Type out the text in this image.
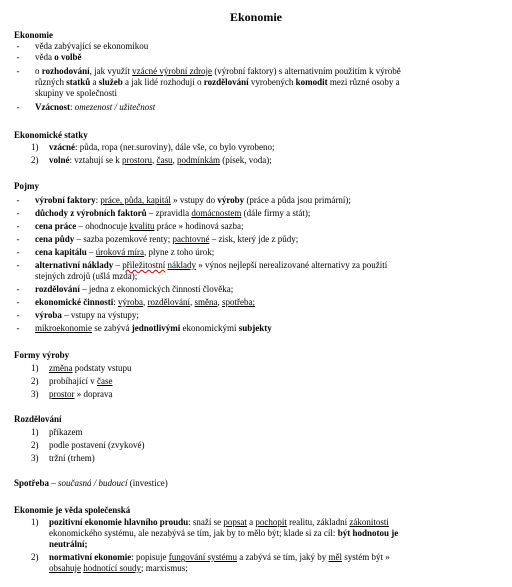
Ekonomie
Ekonomie
- věda zabývající se ekonomikou
- věda o volbě
- o rozhodování, jak využít vzácné výrobní zdroje (výrobní faktory) s alternativním použitím k výrobě
různých statků a služeb a jak lidé rozhodují o rozdělování vyrobených komodit mezi různé osoby a
skupiny ve společnosti
- Vzácnost: omezenost / užitečnost
Ekonomické statky
1) vzácné: půda, ropa (ner.suroviny), dále vše, co bylo vyrobeno;
2) volné: vztahují se k prostoru, času, podmínkám (písek, voda);
Pojmy
- výrobní faktory: práce, půda, kapitál » vstupy do výroby (práce a půda jsou primární);
- důchody z výrobních faktorů – zpravidla domácnostem (dále firmy a stát);
- cena práce – ohodnocuje kvalitu práce » hodinová sazba;
- cena půdy – sazba pozemkové renty; pachtovné – zisk, který jde z půdy;
- cena kapitálu – úroková míra, plyne z toho úrok;
- alternativní náklady – přiležitostní náklady » výnos nejlepší nerealizované alternativy za použití
stejných zdrojů (ušlá mzda);
- rozdělování – jedna z ekonomických činností člověka;
- ekonomické činnosti: výroba, rozdělování, směna, spotřeba;
- výroba – vstupy na výstupy;
- mikroekonomie se zabývá jednotlivými ekonomickými subjekty
Formy výroby
1) změna podstaty vstupu
2) probíhající v čase
3) prostor » doprava
Rozdělování
1) příkazem
2) podle postavení (zvykové)
3) tržní (trhem)
Spotřeba – současná / budoucí (investice)
Ekonomie je věda společenská
1) pozitivní ekonomie hlavního proudu: snaží se popsat a pochopit realitu, základní zákonitosti
ekonomického systému, ale nezabývá se tím, jak by to mělo být; klade si za cíl: být hodnotou je
neutrální;
2) normativní ekonomie: popisuje fungování systému a zabývá se tím, jaký by měl systém být »
obsahuje hodnotící soudy; marxismus;
